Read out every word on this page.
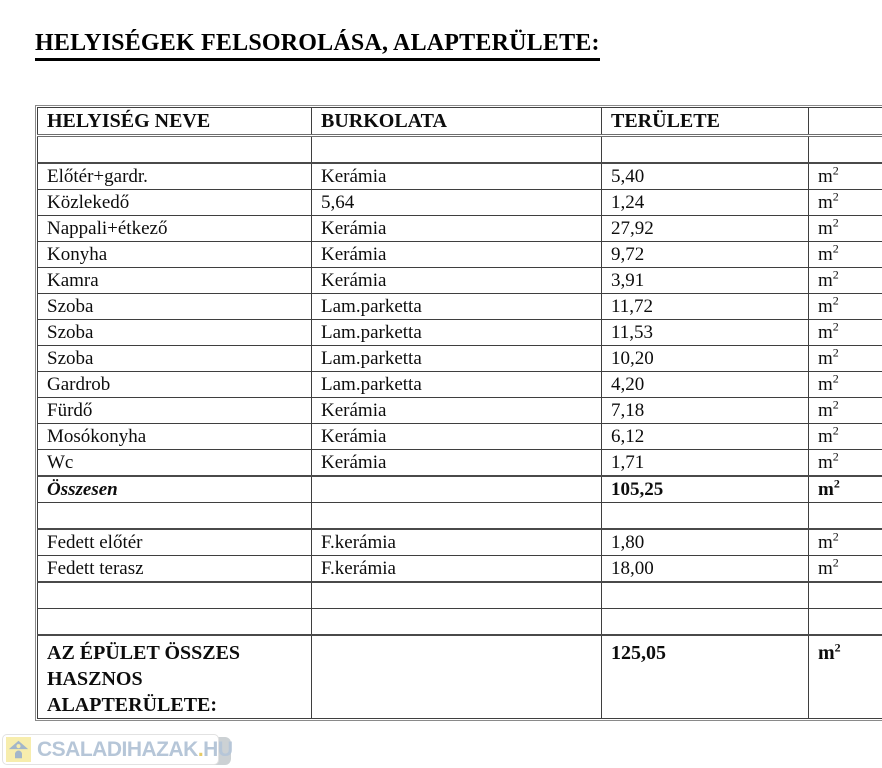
HELYISÉGEK FELSOROLÁSA, ALAPTERÜLETE:
HELYISÉG NEVE	BURKOLATA	TERÜLETE	

Előtér+gardr.	Kerámia	5,40	$m^2$
Közlekedő	5,64	1,24	$m^2$
Nappali+étkező	Kerámia	27,92	$m^2$
Konyha	Kerámia	9,72	$m^2$
Kamra	Kerámia	3,91	$m^2$
Szoba	Lam.parketta	11,72	$m^2$
Szoba	Lam.parketta	11,53	$m^2$
Szoba	Lam.parketta	10,20	$m^2$
Gardrob	Lam.parketta	4,20	$m^2$
Fürdő	Kerámia	7,18	$m^2$
Mosókonyha	Kerámia	6,12	$m^2$
Wc	Kerámia	1,71	$m^2$
Összesen		105,25	$m^2$

Fedett előtér	F.kerámia	1,80	$m^2$
Fedett terasz	F.kerámia	18,00	$m^2$

AZ ÉPÜLET ÖSSZES HASZNOS ALAPTERÜLETE:		125,05	$m^2$
CSALADIHAZAK.HU
